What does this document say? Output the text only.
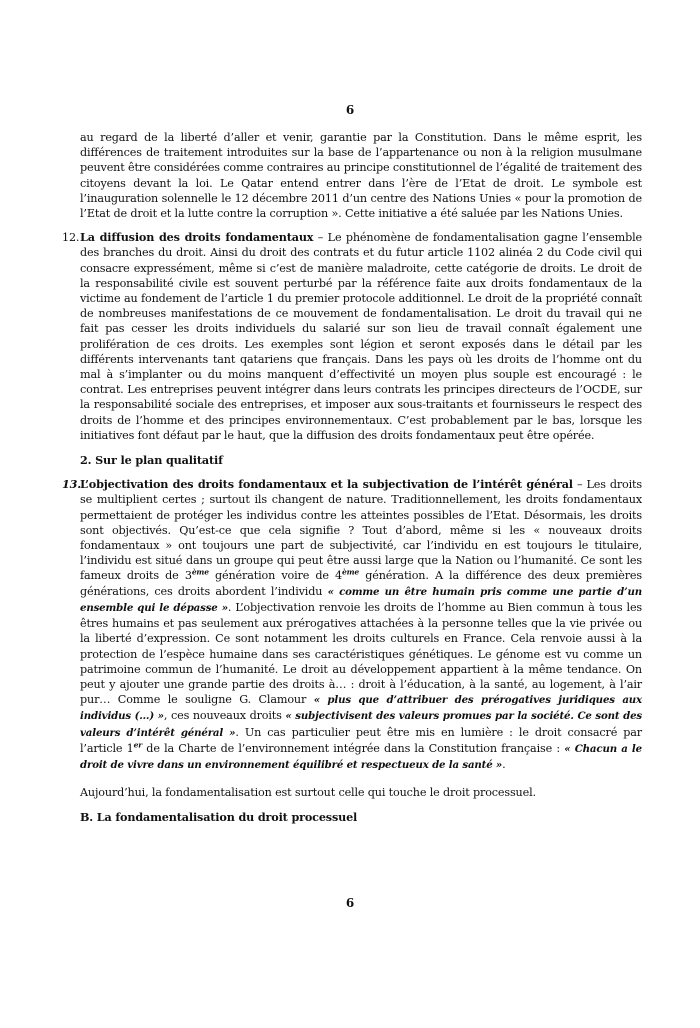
6

au regard de la liberté d’aller et venir, garantie par la Constitution. Dans le même esprit, les différences de traitement introduites sur la base de l’appartenance ou non à la religion musulmane peuvent être considérées comme contraires au principe constitutionnel de l’égalité de traitement des citoyens devant la loi. Le Qatar entend entrer dans l’ère de l’Etat de droit. Le symbole est l’inauguration solennelle le 12 décembre 2011 d’un centre des Nations Unies « pour la promotion de l’Etat de droit et la lutte contre la corruption ». Cette initiative a été saluée par les Nations Unies.

12. La diffusion des droits fondamentaux – Le phénomène de fondamentalisation gagne l’ensemble des branches du droit. Ainsi du droit des contrats et du futur article 1102 alinéa 2 du Code civil qui consacre expressément, même si c’est de manière maladroite, cette catégorie de droits. Le droit de la responsabilité civile est souvent perturbé par la référence faite aux droits fondamentaux de la victime au fondement de l’article 1 du premier protocole additionnel. Le droit de la propriété connaît de nombreuses manifestations de ce mouvement de fondamentalisation. Le droit du travail qui ne fait pas cesser les droits individuels du salarié sur son lieu de travail connaît également une prolifération de ces droits. Les exemples sont légion et seront exposés dans le détail par les différents intervenants tant qatariens que français. Dans les pays où les droits de l’homme ont du mal à s’implanter ou du moins manquent d’effectivité un moyen plus souple est encouragé : le contrat. Les entreprises peuvent intégrer dans leurs contrats les principes directeurs de l’OCDE, sur la responsabilité sociale des entreprises, et imposer aux sous-traitants et fournisseurs le respect des droits de l’homme et des principes environnementaux. C’est probablement par le bas, lorsque les initiatives font défaut par le haut, que la diffusion des droits fondamentaux peut être opérée.

2. Sur le plan qualitatif

13.
L’objectivation des droits fondamentaux et la subjectivation de l’intérêt général – Les droits se multiplient certes ; surtout ils changent de nature. Traditionnellement, les droits fondamentaux permettaient de protéger les individus contre les atteintes possibles de l’Etat. Désormais, les droits sont objectivés. Qu’est-ce que cela signifie ? Tout d’abord, même si les « nouveaux droits fondamentaux » ont toujours une part de subjectivité, car l’individu en est toujours le titulaire, l’individu est situé dans un groupe qui peut être aussi large que la Nation ou l’humanité. Ce sont les fameux droits de 3ème génération voire de 4ème génération. A la différence des deux premières générations, ces droits abordent l’individu « comme un être humain pris comme une partie d’un ensemble qui le dépasse ». L’objectivation renvoie les droits de l’homme au Bien commun à tous les êtres humains et pas seulement aux prérogatives attachées à la personne telles que la vie privée ou la liberté d’expression. Ce sont notamment les droits culturels en France. Cela renvoie aussi à la protection de l’espèce humaine dans ses caractéristiques génétiques. Le génome est vu comme un patrimoine commun de l’humanité. Le droit au développement appartient à la même tendance. On peut y ajouter une grande partie des droits à… : droit à l’éducation, à la santé, au logement, à l’air pur… Comme le souligne G. Clamour « plus que d’attribuer des prérogatives juridiques aux individus (…) », ces nouveaux droits « subjectivisent des valeurs promues par la société. Ce sont des valeurs d’intérêt général ». Un cas particulier peut être mis en lumière : le droit consacré par l’article 1er de la Charte de l’environnement intégrée dans la Constitution française : « Chacun a le droit de vivre dans un environnement équilibré et respectueux de la santé ».

Aujourd’hui, la fondamentalisation est surtout celle qui touche le droit processuel.

B. La fondamentalisation du droit processuel

6
